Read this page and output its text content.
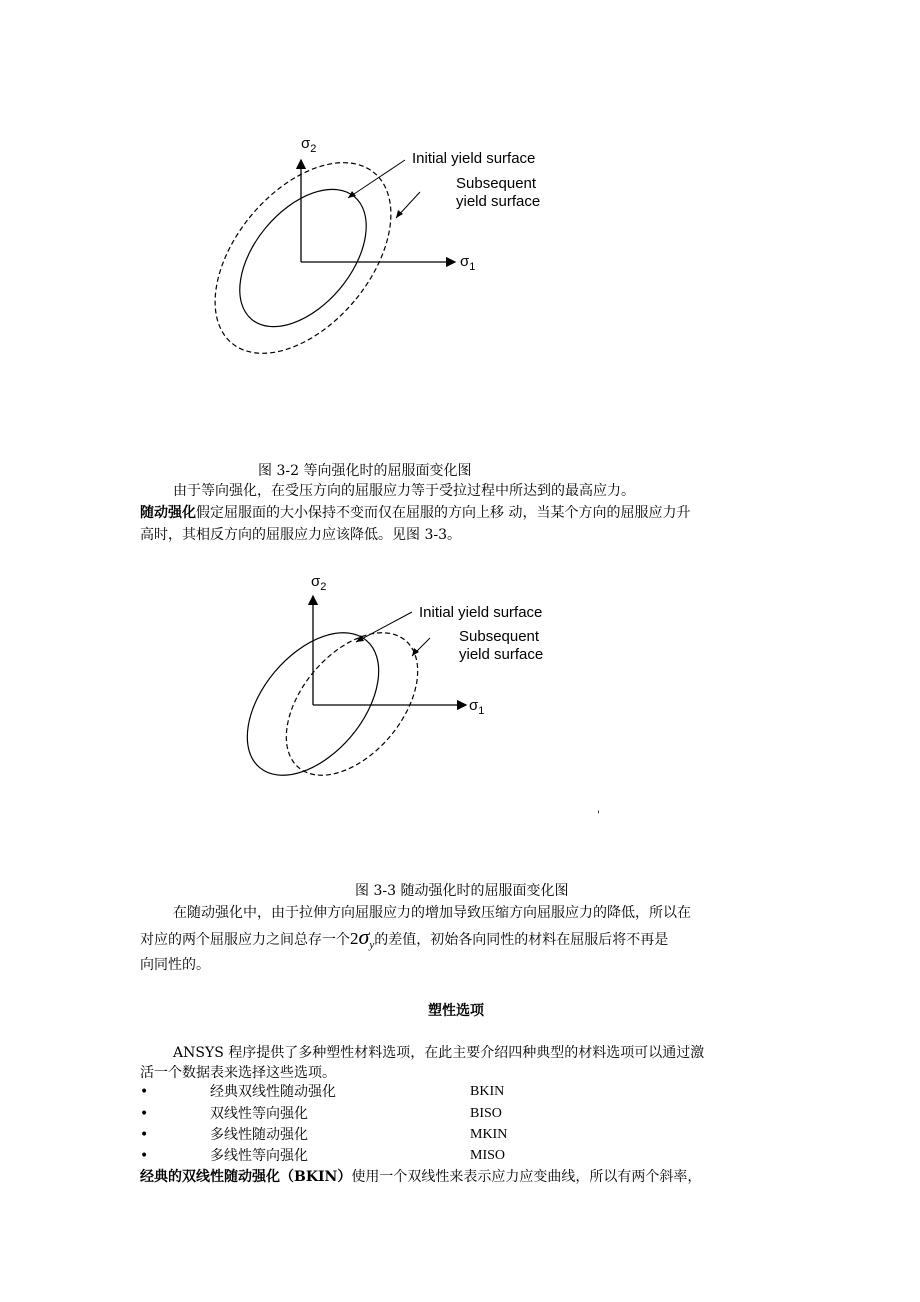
$\sigma_2$
$\sigma_1$
Initial yield surface
Subsequent
yield surface
图 3-2 等向强化时的屈服面变化图
由于等向强化，在受压方向的屈服应力等于受拉过程中所达到的最高应力。
随动强化假定屈服面的大小保持不变而仅在屈服的方向上移 动，当某个方向的屈服应力升
高时，其相反方向的屈服应力应该降低。见图 3-3。
$\sigma_2$
$\sigma_1$
Initial yield surface
Subsequent
yield surface
'
图 3-3 随动强化时的屈服面变化图
在随动强化中，由于拉伸方向屈服应力的增加导致压缩方向屈服应力的降低，所以在
对应的两个屈服应力之间总存一个$2\sigma_y$的差值，初始各向同性的材料在屈服后将不再是
向同性的。
塑性选项
ANSYS 程序提供了多种塑性材料选项，在此主要介绍四种典型的材料选项可以通过激
活一个数据表来选择这些选项。
•	经典双线性随动强化	BKIN
•	双线性等向强化	BISO
•	多线性随动强化	MKIN
•	多线性等向强化	MISO
经典的双线性随动强化（BKIN）使用一个双线性来表示应力应变曲线，所以有两个斜率，
